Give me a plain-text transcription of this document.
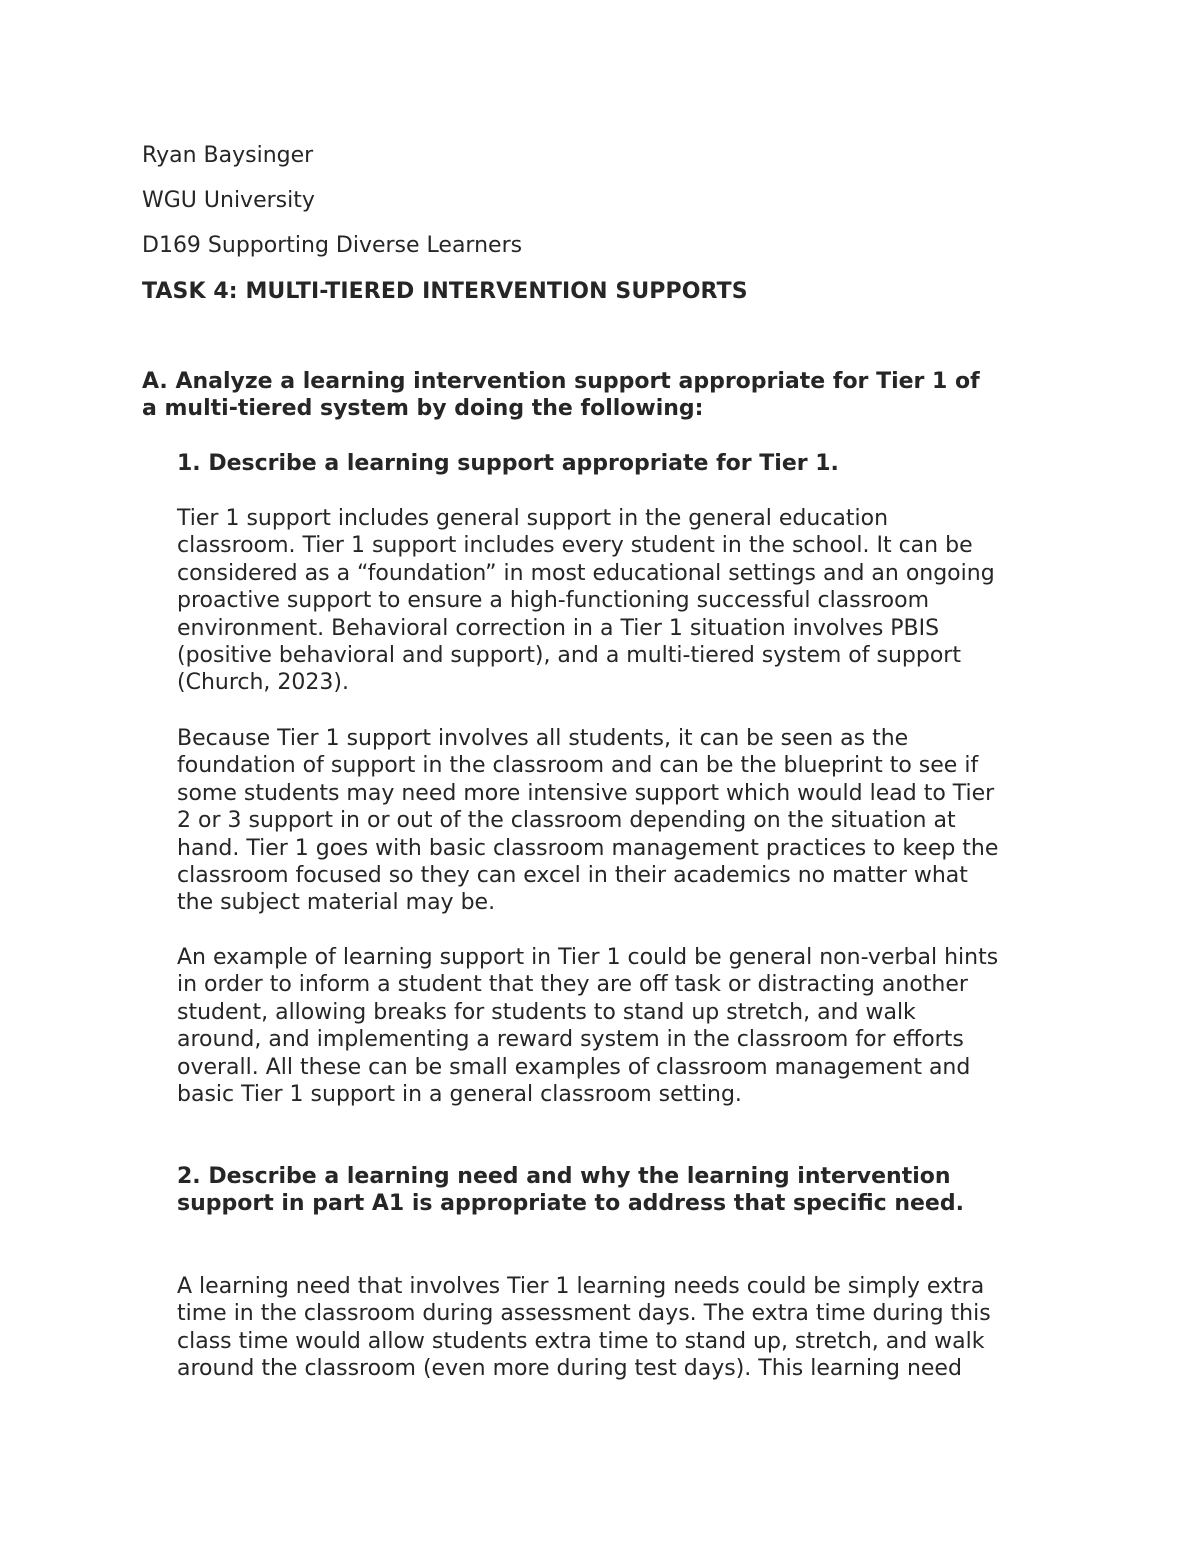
Ryan Baysinger

WGU University

D169 Supporting Diverse Learners

TASK 4: MULTI-TIERED INTERVENTION SUPPORTS

A. Analyze a learning intervention support appropriate for Tier 1 of
a multi-tiered system by doing the following:

1. Describe a learning support appropriate for Tier 1.

Tier 1 support includes general support in the general education
classroom. Tier 1 support includes every student in the school. It can be
considered as a “foundation” in most educational settings and an ongoing
proactive support to ensure a high-functioning successful classroom
environment. Behavioral correction in a Tier 1 situation involves PBIS
(positive behavioral and support), and a multi-tiered system of support
(Church, 2023).
Because Tier 1 support involves all students, it can be seen as the
foundation of support in the classroom and can be the blueprint to see if
some students may need more intensive support which would lead to Tier
2 or 3 support in or out of the classroom depending on the situation at
hand. Tier 1 goes with basic classroom management practices to keep the
classroom focused so they can excel in their academics no matter what
the subject material may be.
An example of learning support in Tier 1 could be general non-verbal hints
in order to inform a student that they are off task or distracting another
student, allowing breaks for students to stand up stretch, and walk
around, and implementing a reward system in the classroom for efforts
overall. All these can be small examples of classroom management and
basic Tier 1 support in a general classroom setting.
2. Describe a learning need and why the learning intervention
support in part A1 is appropriate to address that specific need.
A learning need that involves Tier 1 learning needs could be simply extra
time in the classroom during assessment days. The extra time during this
class time would allow students extra time to stand up, stretch, and walk
around the classroom (even more during test days). This learning need
